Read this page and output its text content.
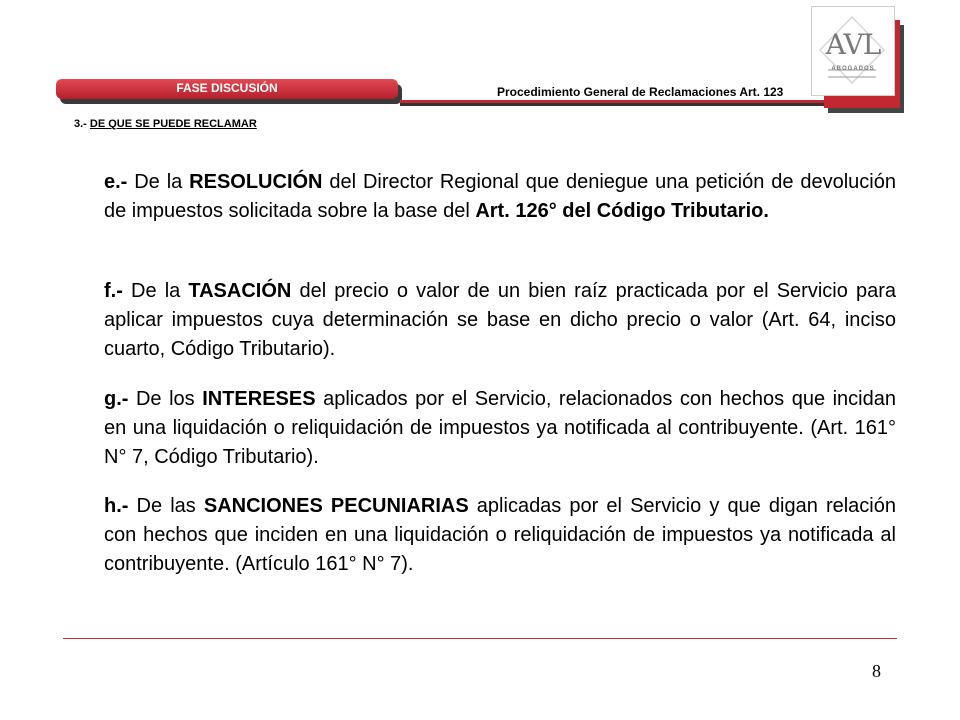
FASE DISCUSIÓN	Procedimiento General de Reclamaciones Art. 123
3.- DE QUE SE PUEDE RECLAMAR
AVL
ABOGADOS
e.- De la RESOLUCIÓN del Director Regional que deniegue una petición de devolución de impuestos solicitada sobre la base del Art. 126° del Código Tributario.
f.- De la TASACIÓN del precio o valor de un bien raíz practicada por el Servicio para aplicar impuestos cuya determinación se base en dicho precio o valor (Art. 64, inciso cuarto, Código Tributario).
g.- De los INTERESES aplicados por el Servicio, relacionados con hechos que incidan en una liquidación o reliquidación de impuestos ya notificada al contribuyente. (Art. 161° N° 7, Código Tributario).
h.- De las SANCIONES PECUNIARIAS aplicadas por el Servicio y que digan relación con hechos que inciden en una liquidación o reliquidación de impuestos ya notificada al contribuyente. (Artículo 161° N° 7).
8
